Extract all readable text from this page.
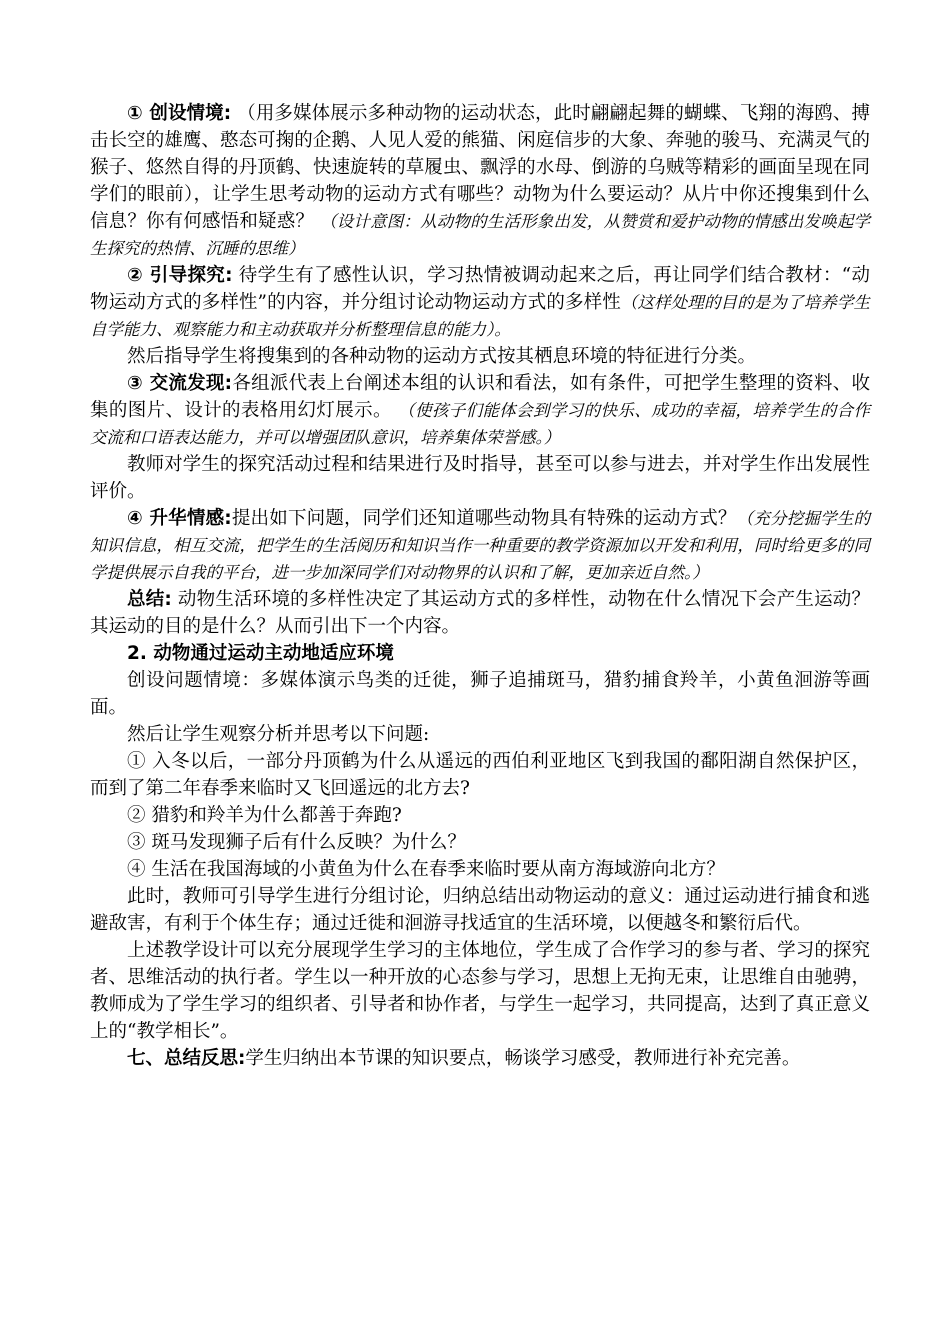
① 创设情境: （用多媒体展示多种动物的运动状态，此时翩翩起舞的蝴蝶、飞翔的海鸥、搏击长空的雄鹰、憨态可掬的企鹅、人见人爱的熊猫、闲庭信步的大象、奔驰的骏马、充满灵气的猴子、悠然自得的丹顶鹤、快速旋转的草履虫、飘浮的水母、倒游的乌贼等精彩的画面呈现在同学们的眼前），让学生思考动物的运动方式有哪些？动物为什么要运动？从片中你还搜集到什么信息？你有何感悟和疑惑？ （设计意图：从动物的生活形象出发，从赞赏和爱护动物的情感出发唤起学生探究的热情、沉睡的思维）

② 引导探究: 待学生有了感性认识，学习热情被调动起来之后，再让同学们结合教材：“动物运动方式的多样性”的内容，并分组讨论动物运动方式的多样性（这样处理的目的是为了培养学生自学能力、观察能力和主动获取并分析整理信息的能力）。

然后指导学生将搜集到的各种动物的运动方式按其栖息环境的特征进行分类。

③ 交流发现:各组派代表上台阐述本组的认识和看法，如有条件，可把学生整理的资料、收集的图片、设计的表格用幻灯展示。 （使孩子们能体会到学习的快乐、成功的幸福，培养学生的合作交流和口语表达能力，并可以增强团队意识，培养集体荣誉感。）

教师对学生的探究活动过程和结果进行及时指导，甚至可以参与进去，并对学生作出发展性评价。

④ 升华情感:提出如下问题，同学们还知道哪些动物具有特殊的运动方式？（充分挖掘学生的知识信息，相互交流，把学生的生活阅历和知识当作一种重要的教学资源加以开发和利用，同时给更多的同学提供展示自我的平台，进一步加深同学们对动物界的认识和了解，更加亲近自然。）

总结: 动物生活环境的多样性决定了其运动方式的多样性，动物在什么情况下会产生运动？其运动的目的是什么？从而引出下一个内容。

2. 动物通过运动主动地适应环境

创设问题情境：多媒体演示鸟类的迁徙，狮子追捕斑马，猎豹捕食羚羊，小黄鱼洄游等画面。

然后让学生观察分析并思考以下问题:

① 入冬以后，一部分丹顶鹤为什么从遥远的西伯利亚地区飞到我国的鄱阳湖自然保护区，而到了第二年春季来临时又飞回遥远的北方去?

② 猎豹和羚羊为什么都善于奔跑?

③ 斑马发现狮子后有什么反映？为什么？

④ 生活在我国海域的小黄鱼为什么在春季来临时要从南方海域游向北方？

此时，教师可引导学生进行分组讨论，归纳总结出动物运动的意义：通过运动进行捕食和逃避敌害，有利于个体生存；通过迁徙和洄游寻找适宜的生活环境，以便越冬和繁衍后代。

上述教学设计可以充分展现学生学习的主体地位，学生成了合作学习的参与者、学习的探究者、思维活动的执行者。学生以一种开放的心态参与学习，思想上无拘无束，让思维自由驰骋，教师成为了学生学习的组织者、引导者和协作者，与学生一起学习，共同提高，达到了真正意义上的“教学相长”。

七、总结反思:学生归纳出本节课的知识要点，畅谈学习感受，教师进行补充完善。
